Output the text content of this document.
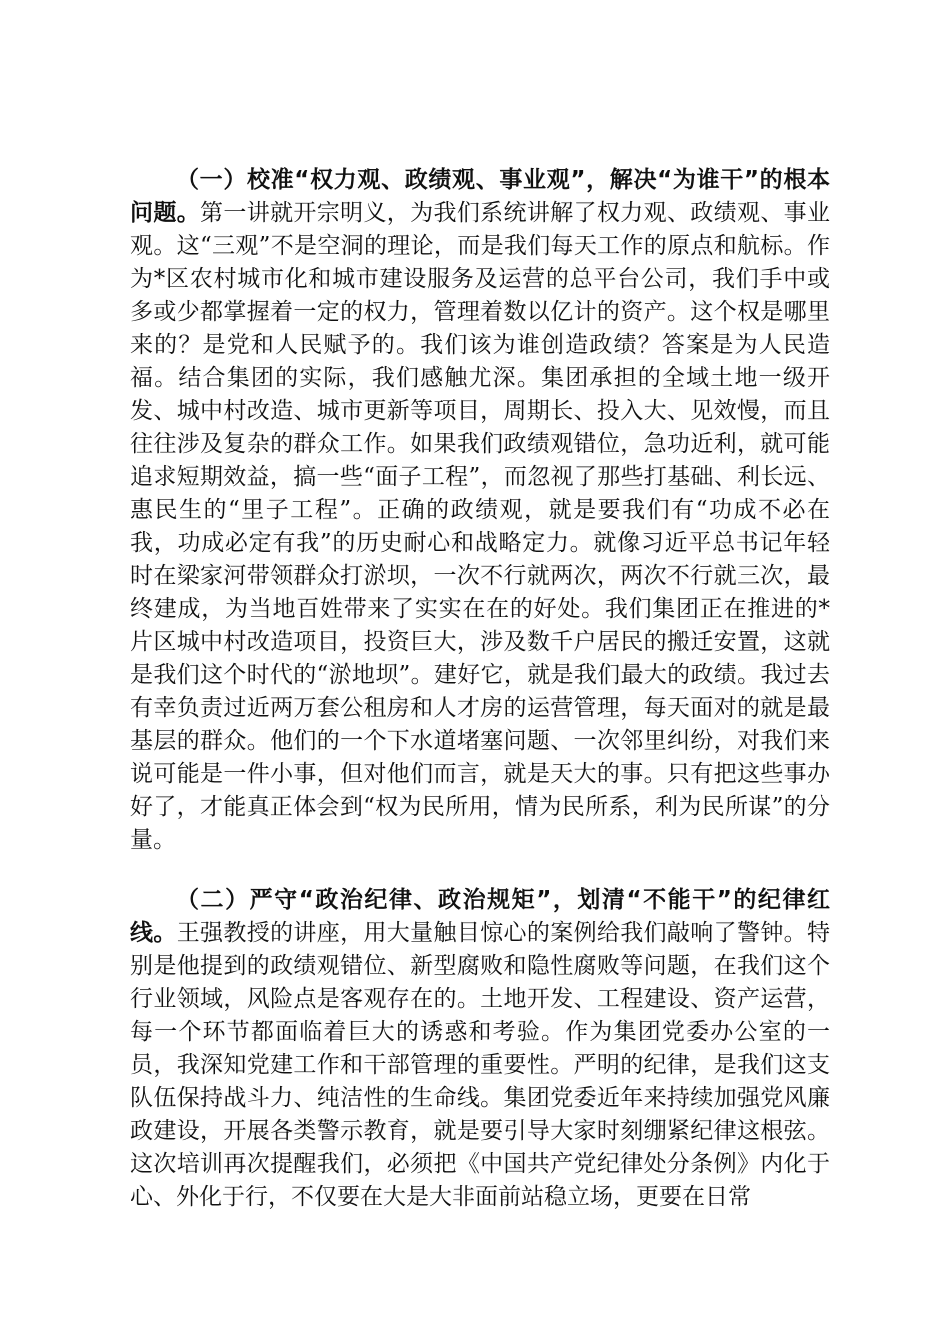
（一）校准“权力观、政绩观、事业观”，解决“为谁干”的根本问题。第一讲就开宗明义，为我们系统讲解了权力观、政绩观、事业观。这“三观”不是空洞的理论，而是我们每天工作的原点和航标。作为*区农村城市化和城市建设服务及运营的总平台公司，我们手中或多或少都掌握着一定的权力，管理着数以亿计的资产。这个权是哪里来的？是党和人民赋予的。我们该为谁创造政绩？答案是为人民造福。结合集团的实际，我们感触尤深。集团承担的全域土地一级开发、城中村改造、城市更新等项目，周期长、投入大、见效慢，而且往往涉及复杂的群众工作。如果我们政绩观错位，急功近利，就可能追求短期效益，搞一些“面子工程”，而忽视了那些打基础、利长远、惠民生的“里子工程”。正确的政绩观，就是要我们有“功成不必在我，功成必定有我”的历史耐心和战略定力。就像习近平总书记年轻时在梁家河带领群众打淤坝，一次不行就两次，两次不行就三次，最终建成，为当地百姓带来了实实在在的好处。我们集团正在推进的*片区城中村改造项目，投资巨大，涉及数千户居民的搬迁安置，这就是我们这个时代的“淤地坝”。建好它，就是我们最大的政绩。我过去有幸负责过近两万套公租房和人才房的运营管理，每天面对的就是最基层的群众。他们的一个下水道堵塞问题、一次邻里纠纷，对我们来说可能是一件小事，但对他们而言，就是天大的事。只有把这些事办好了，才能真正体会到“权为民所用，情为民所系，利为民所谋”的分量。

（二）严守“政治纪律、政治规矩”，划清“不能干”的纪律红线。王强教授的讲座，用大量触目惊心的案例给我们敲响了警钟。特别是他提到的政绩观错位、新型腐败和隐性腐败等问题，在我们这个行业领域，风险点是客观存在的。土地开发、工程建设、资产运营，每一个环节都面临着巨大的诱惑和考验。作为集团党委办公室的一员，我深知党建工作和干部管理的重要性。严明的纪律，是我们这支队伍保持战斗力、纯洁性的生命线。集团党委近年来持续加强党风廉政建设，开展各类警示教育，就是要引导大家时刻绷紧纪律这根弦。这次培训再次提醒我们，必须把《中国共产党纪律处分条例》内化于心、外化于行，不仅要在大是大非面前站稳立场，更要在日常
